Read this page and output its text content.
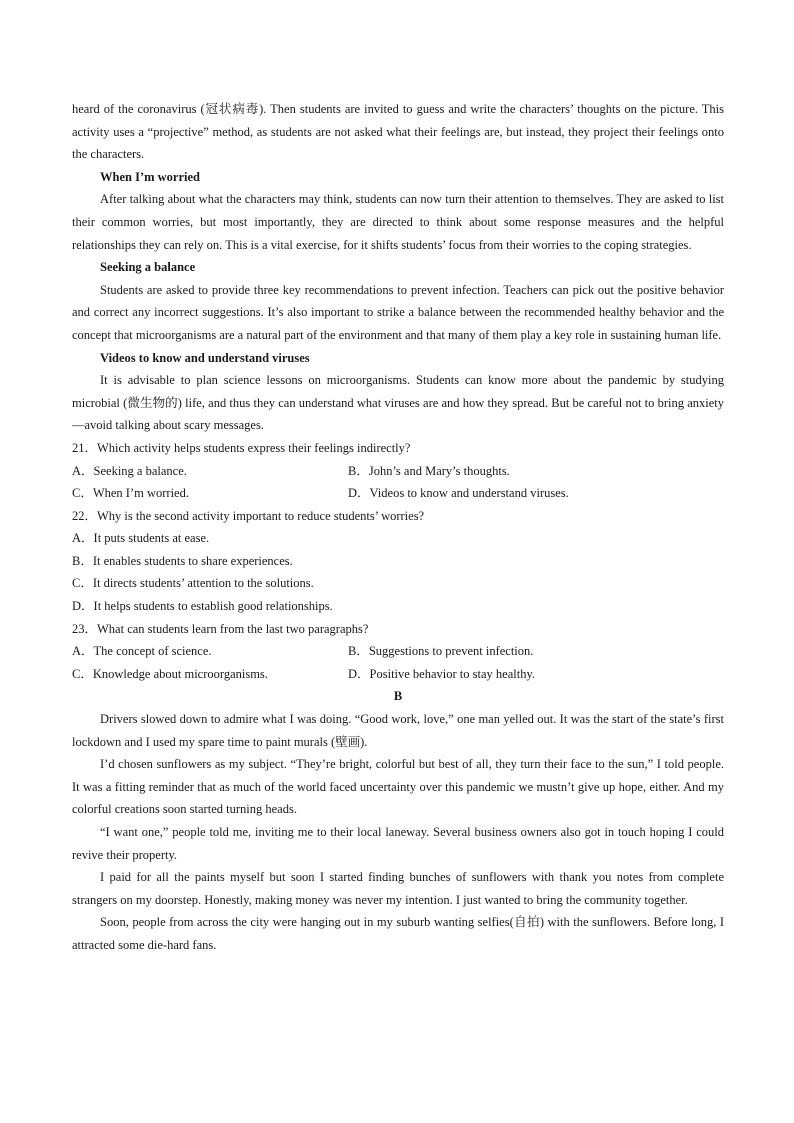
heard of the coronavirus (冠状病毒). Then students are invited to guess and write the characters’ thoughts on the picture. This activity uses a “projective” method, as students are not asked what their feelings are, but instead, they project their feelings onto the characters.

When I’m worried

After talking about what the characters may think, students can now turn their attention to themselves. They are asked to list their common worries, but most importantly, they are directed to think about some response measures and the helpful relationships they can rely on. This is a vital exercise, for it shifts students’ focus from their worries to the coping strategies.

Seeking a balance

Students are asked to provide three key recommendations to prevent infection. Teachers can pick out the positive behavior and correct any incorrect suggestions. It’s also important to strike a balance between the recommended healthy behavior and the concept that microorganisms are a natural part of the environment and that many of them play a key role in sustaining human life.

Videos to know and understand viruses

It is advisable to plan science lessons on microorganisms. Students can know more about the pandemic by studying microbial (微生物的) life, and thus they can understand what viruses are and how they spread. But be careful not to bring anxiety—avoid talking about scary messages.

21．Which activity helps students express their feelings indirectly?

A．Seeking a balance.	B．John’s and Mary’s thoughts.
C．When I’m worried.	D．Videos to know and understand viruses.

22．Why is the second activity important to reduce students’ worries?

A．It puts students at ease.
B．It enables students to share experiences.
C．It directs students’ attention to the solutions.
D．It helps students to establish good relationships.

23．What can students learn from the last two paragraphs?

A．The concept of science.	B．Suggestions to prevent infection.
C．Knowledge about microorganisms.	D．Positive behavior to stay healthy.

B

Drivers slowed down to admire what I was doing. “Good work, love,” one man yelled out. It was the start of the state’s first lockdown and I used my spare time to paint murals (壁画).

I’d chosen sunflowers as my subject. “They’re bright, colorful but best of all, they turn their face to the sun,” I told people. It was a fitting reminder that as much of the world faced uncertainty over this pandemic we mustn’t give up hope, either. And my colorful creations soon started turning heads.

“I want one,” people told me, inviting me to their local laneway. Several business owners also got in touch hoping I could revive their property.

I paid for all the paints myself but soon I started finding bunches of sunflowers with thank you notes from complete strangers on my doorstep. Honestly, making money was never my intention. I just wanted to bring the community together.

Soon, people from across the city were hanging out in my suburb wanting selfies(自拍) with the sunflowers. Before long, I attracted some die-hard fans.
